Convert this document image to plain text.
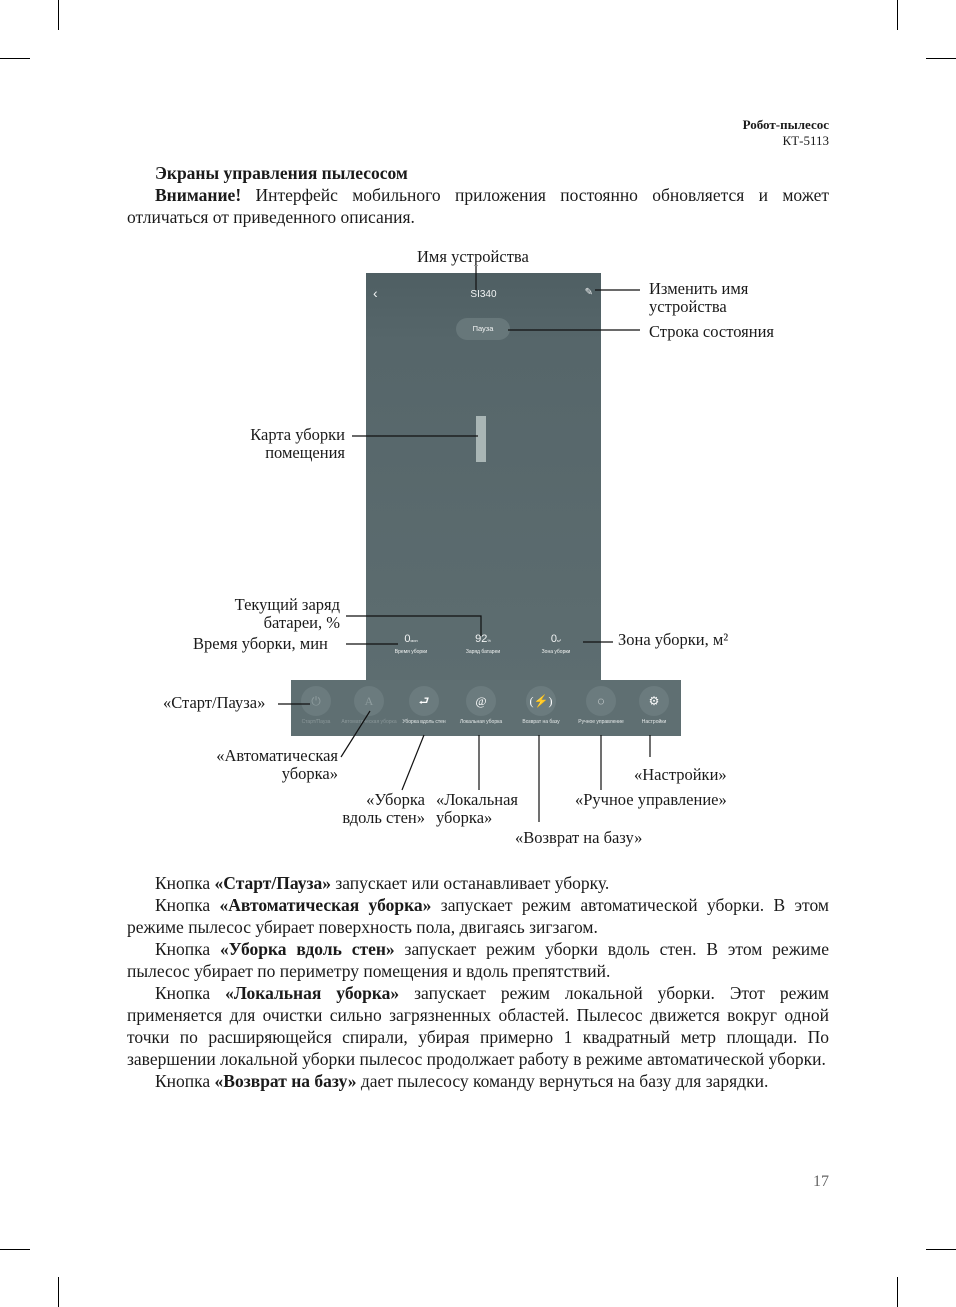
Робот-пылесос
КТ-5113
Экраны управления пылесосом

Внимание! Интерфейс мобильного приложения постоянно обновляется и может отличаться от приведенного описания.

‹	SI340	✎
Пауза
0мин
Время уборки
92%
Заряд батареи
0м²
Зона уборки
⏻
Старт/Пауза
A
Автоматическая уборка
⮐
Уборка вдоль стен
@
Локальная уборка
(⚡)
Возврат на базу
◌
Ручное управление
⚙
Настройки
Имя устройства
Изменить имя устройства
Строка состояния
Карта уборки помещения
Текущий заряд батареи, %
Время уборки, мин	Зона уборки, м²
«Старт/Пауза»
«Автоматическая уборка»
«Уборка вдоль стен»
«Локальная уборка»
«Возврат на базу»
«Ручное управление»
«Настройки»

Кнопка «Старт/Пауза» запускает или останавливает уборку.

Кнопка «Автоматическая уборка» запускает режим автоматической уборки. В этом режиме пылесос убирает поверхность пола, двигаясь зигзагом.

Кнопка «Уборка вдоль стен» запускает режим уборки вдоль стен. В этом режиме пылесос убирает по периметру помещения и вдоль препятствий.

Кнопка «Локальная уборка» запускает режим локальной уборки. Этот режим применяется для очистки сильно загрязненных областей. Пылесос движется вокруг одной точки по расширяющейся спирали, убирая примерно 1 квадратный метр площади. По завершении локальной уборки пылесос продолжает работу в режиме автоматической уборки.

Кнопка «Возврат на базу» дает пылесосу команду вернуться на базу для зарядки.

17
